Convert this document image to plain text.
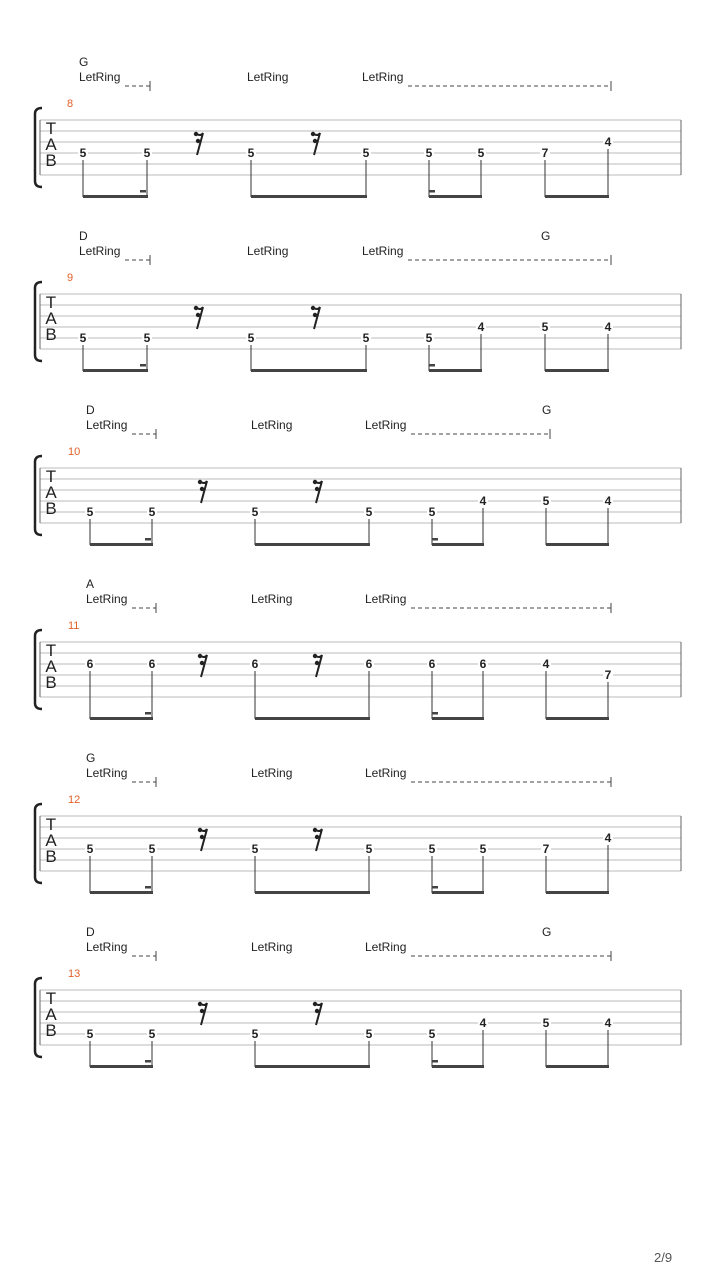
T
A
B
8
G
LetRing	LetRing	LetRing
5	5	5	5	5	5	7
4
T
A
B
9
D	G
LetRing	LetRing	LetRing
5	5	5	5	5
4	5	4
T
A
B
10
D	G
LetRing	LetRing	LetRing
5	5	5	5	5
4	5	4
T
A
B
11
A
LetRing	LetRing	LetRing
6	6	6	6	6	6	4
7
T
A
B
12
G
LetRing	LetRing	LetRing
5	5	5	5	5	5	7
4
T
A
B
13
D	G
LetRing	LetRing	LetRing
5	5	5	5	5
4	5	4
2/9
